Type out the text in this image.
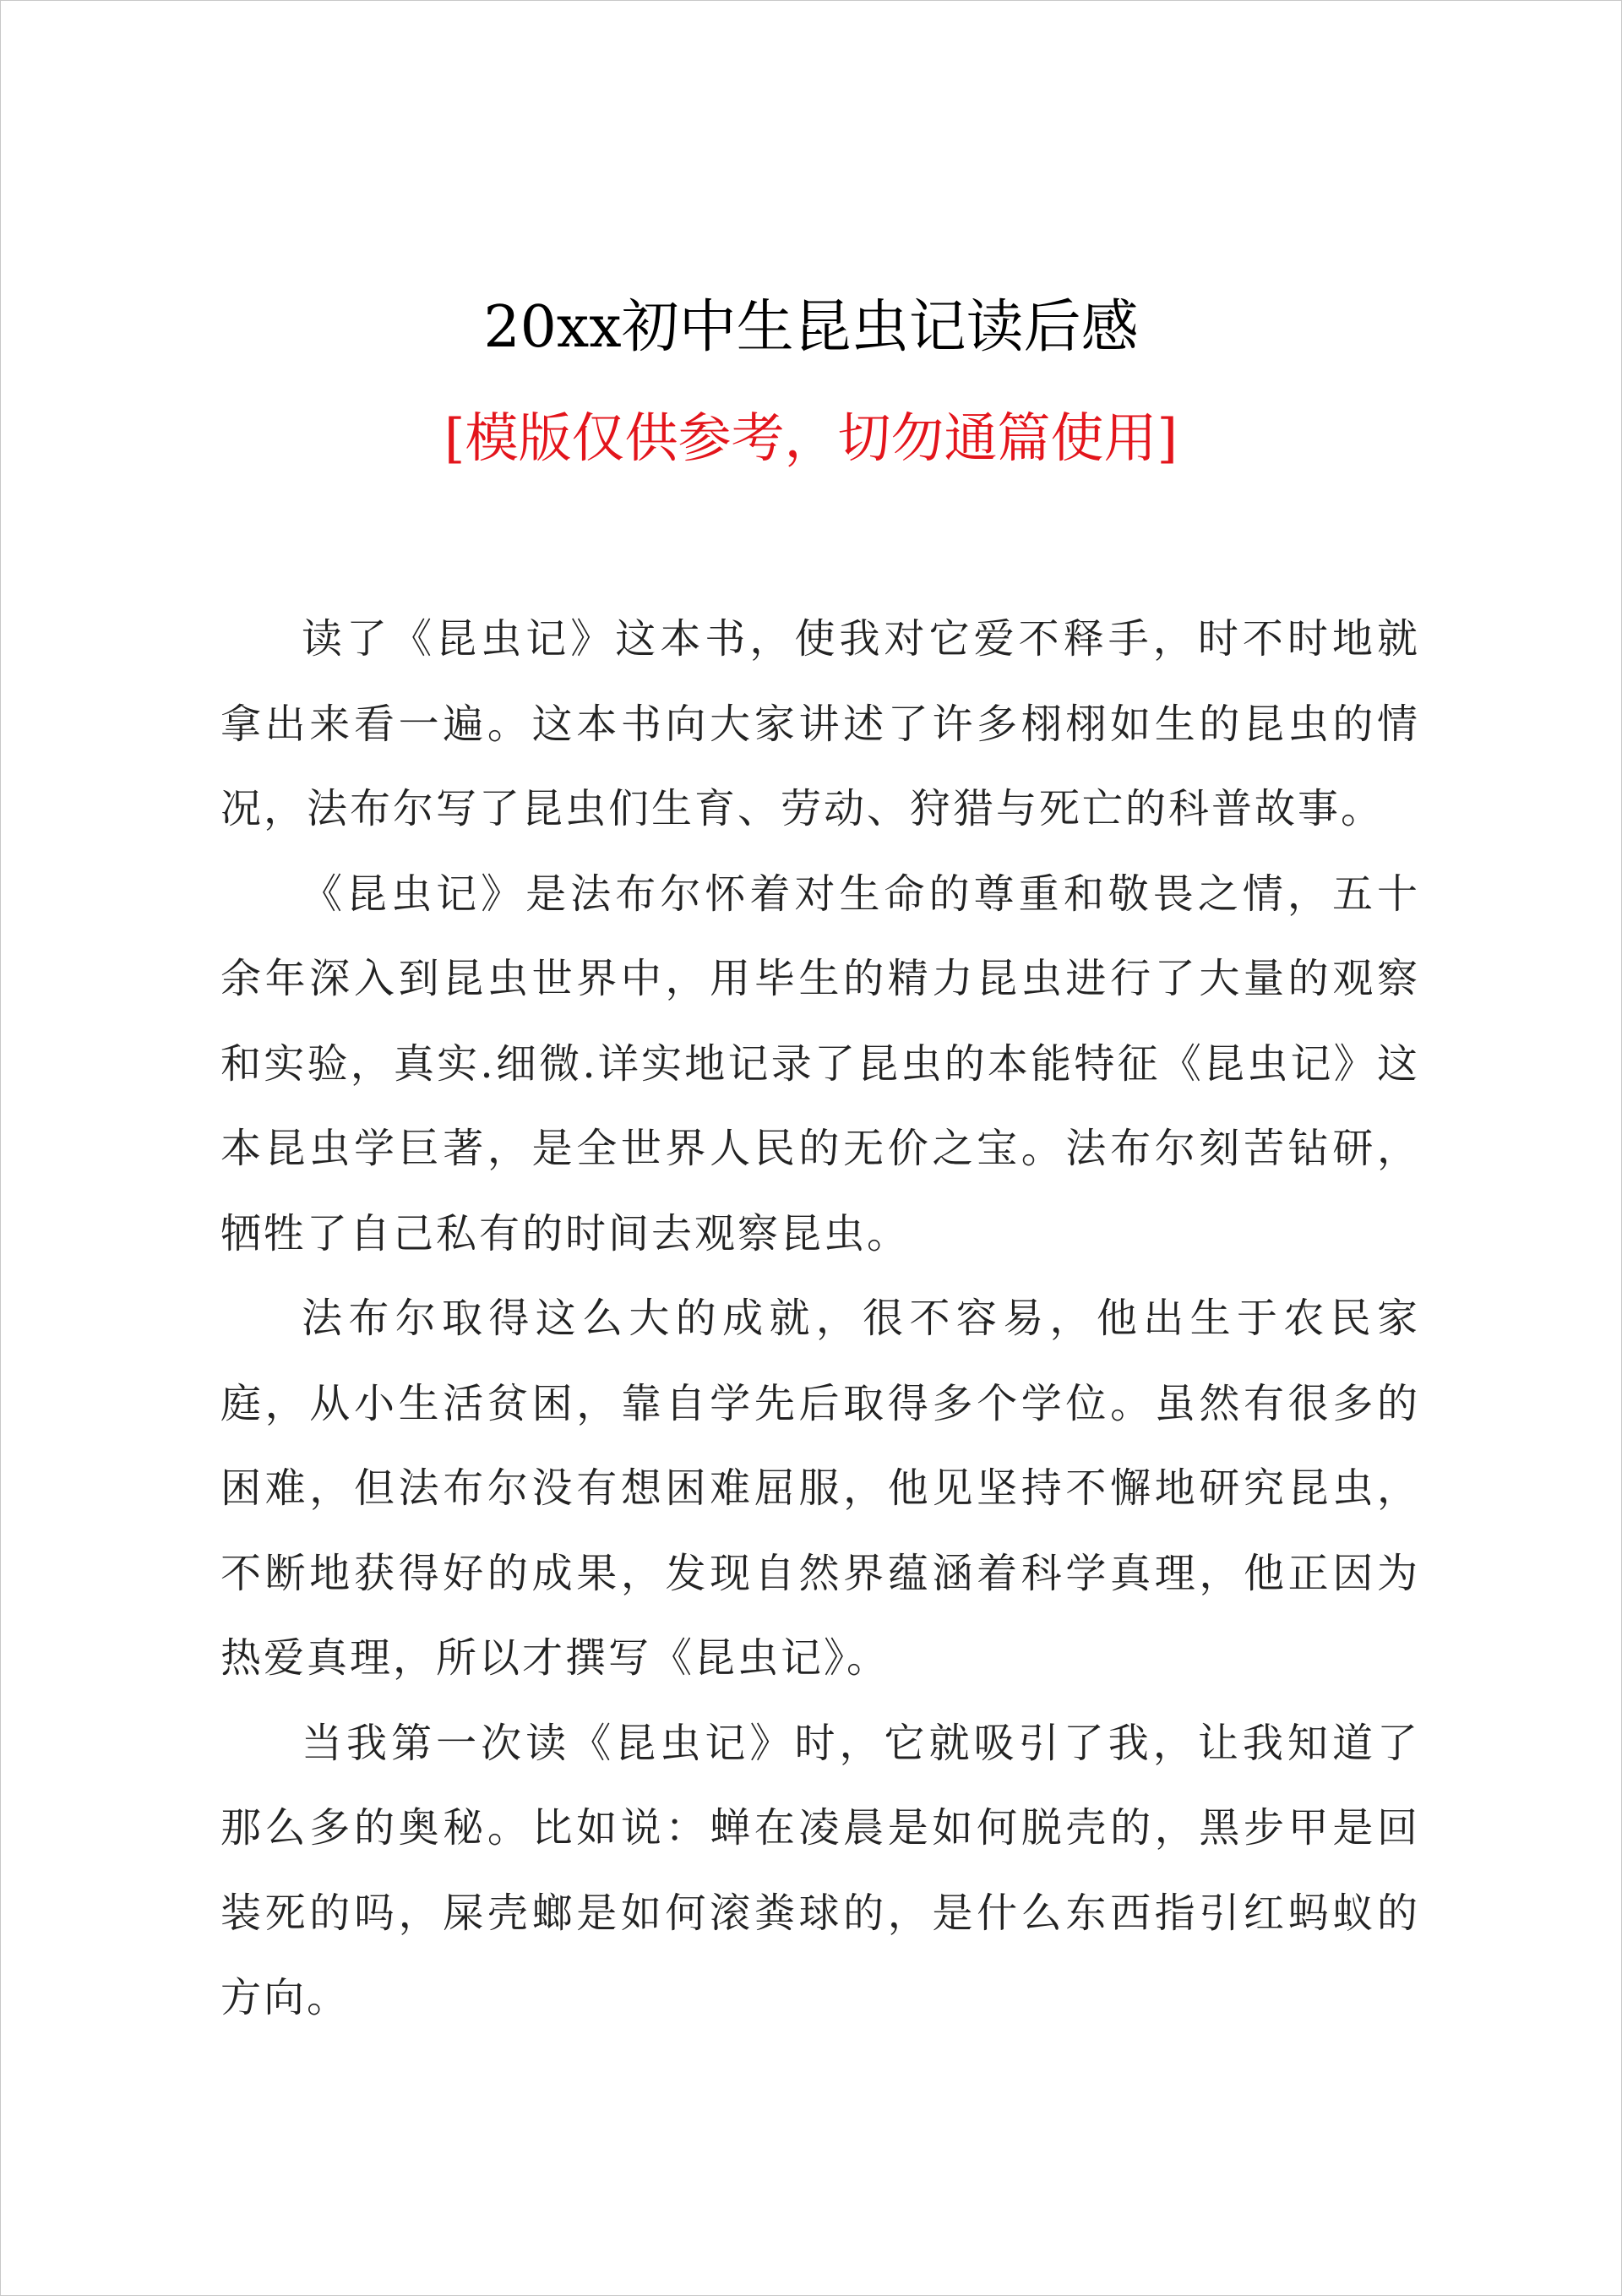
20xx初中生昆虫记读后感
[模版仅供参考，切勿通篇使用]

读了《昆虫记》这本书，使我对它爱不释手，时不时地就拿出来看一遍。这本书向大家讲述了许多栩栩如生的昆虫的情况，法布尔写了昆虫们生育、劳动、狩猎与死亡的科普故事。

《昆虫记》是法布尔怀着对生命的尊重和敬畏之情，五十余年深入到昆虫世界中，用毕生的精力昆虫进行了大量的观察和实验，真实.细微.详实地记录了昆虫的本能特征《昆虫记》这本昆虫学巨著，是全世界人民的无价之宝。法布尔刻苦钻研，牺牲了自己私有的时间去观察昆虫。

法布尔取得这么大的成就，很不容易，他出生于农民家庭，从小生活贫困，靠自学先后取得多个学位。虽然有很多的困难，但法布尔没有想困难屈服，他见坚持不懈地研究昆虫，不断地获得好的成果，发现自然界蕴涵着科学真理，他正因为热爱真理，所以才撰写《昆虫记》。

当我第一次读《昆虫记》时，它就吸引了我，让我知道了那么多的奥秘。比如说：蝉在凌晨是如何脱壳的，黑步甲是回装死的吗，屎壳螂是如何滚粪球的，是什么东西指引红蚂蚁的方向。
